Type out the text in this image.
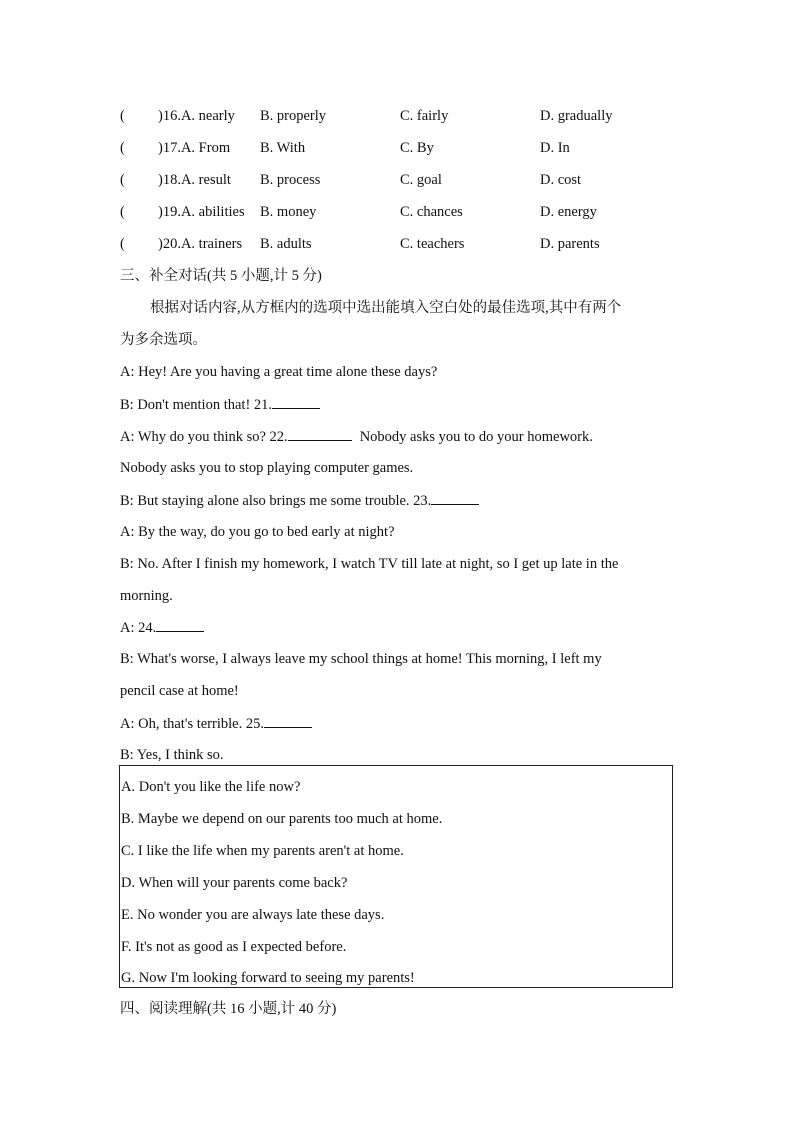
( )16.A. nearly B. properly	C. fairly	D. gradually
( )17.A. From B. With	C. By	D. In
( )18.A. result B. process	C. goal	D. cost
( )19.A. abilities B. money	C. chances	D. energy
( )20.A. trainers B. adults	C. teachers	D. parents
三、补全对话(共 5 小题,计 5 分)
根据对话内容,从方框内的选项中选出能填入空白处的最佳选项,其中有两个
为多余选项。
A: Hey! Are you having a great time alone these days?
B: Don't mention that! 21.
A: Why do you think so? 22.	Nobody asks you to do your homework.
Nobody asks you to stop playing computer games.
B: But staying alone also brings me some trouble. 23.
A: By the way, do you go to bed early at night?
B: No. After I finish my homework, I watch TV till late at night, so I get up late in the
morning.
A: 24.
B: What's worse, I always leave my school things at home! This morning, I left my
pencil case at home!
A: Oh, that's terrible. 25.
B: Yes, I think so.
A. Don't you like the life now?
B. Maybe we depend on our parents too much at home.
C. I like the life when my parents aren't at home.
D. When will your parents come back?
E. No wonder you are always late these days.
F. It's not as good as I expected before.
G. Now I'm looking forward to seeing my parents!
四、阅读理解(共 16 小题,计 40 分)
